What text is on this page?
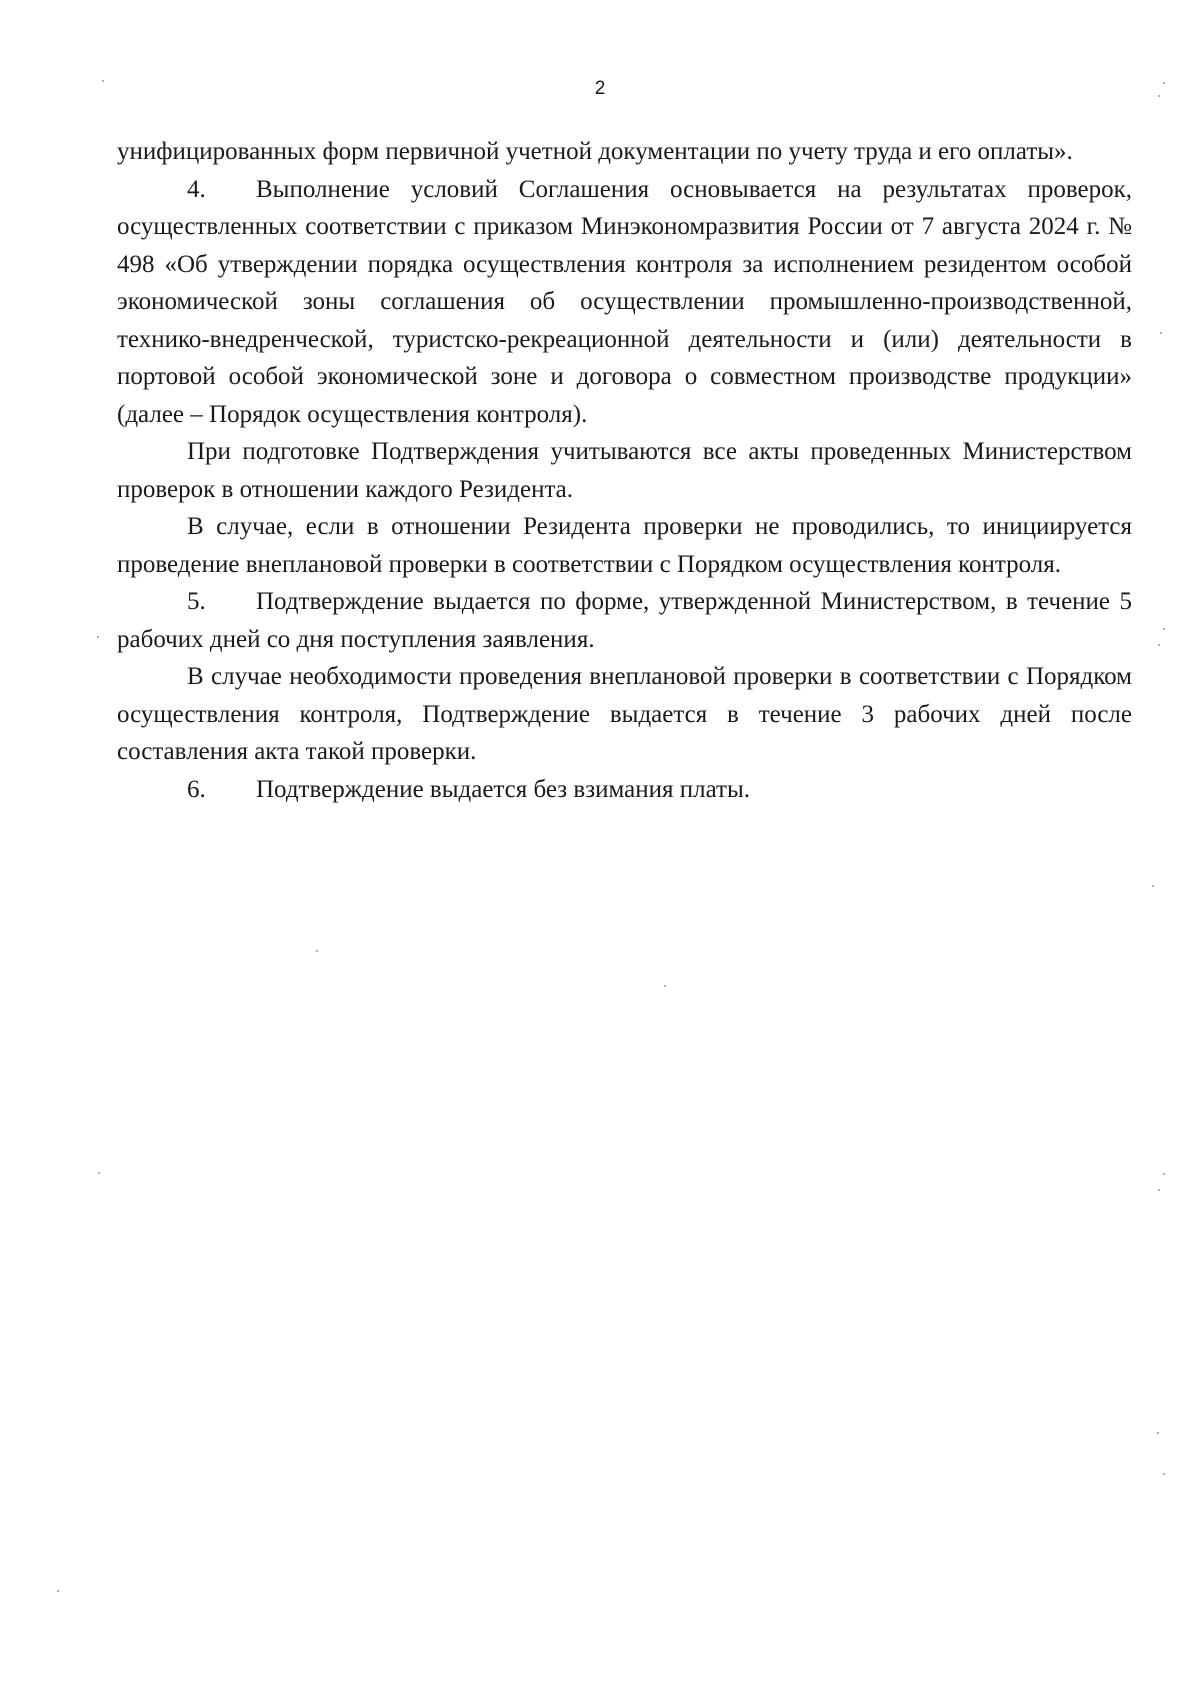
2

унифицированных форм первичной учетной документации по учету труда и его оплаты».

4. Выполнение условий Соглашения основывается на результатах проверок, осуществленных соответствии с приказом Минэкономразвития России от 7 августа 2024 г. № 498 «Об утверждении порядка осуществления контроля за исполнением резидентом особой экономической зоны соглашения об осуществлении промышленно-производственной, технико-внедренческой, туристско-рекреационной деятельности и (или) деятельности в портовой особой экономической зоне и договора о совместном производстве продукции» (далее – Порядок осуществления контроля).

При подготовке Подтверждения учитываются все акты проведенных Министерством проверок в отношении каждого Резидента.

В случае, если в отношении Резидента проверки не проводились, то инициируется проведение внеплановой проверки в соответствии с Порядком осуществления контроля.

5. Подтверждение выдается по форме, утвержденной Министерством, в течение 5 рабочих дней со дня поступления заявления.

В случае необходимости проведения внеплановой проверки в соответствии с Порядком осуществления контроля, Подтверждение выдается в течение 3 рабочих дней после составления акта такой проверки.

6. Подтверждение выдается без взимания платы.
